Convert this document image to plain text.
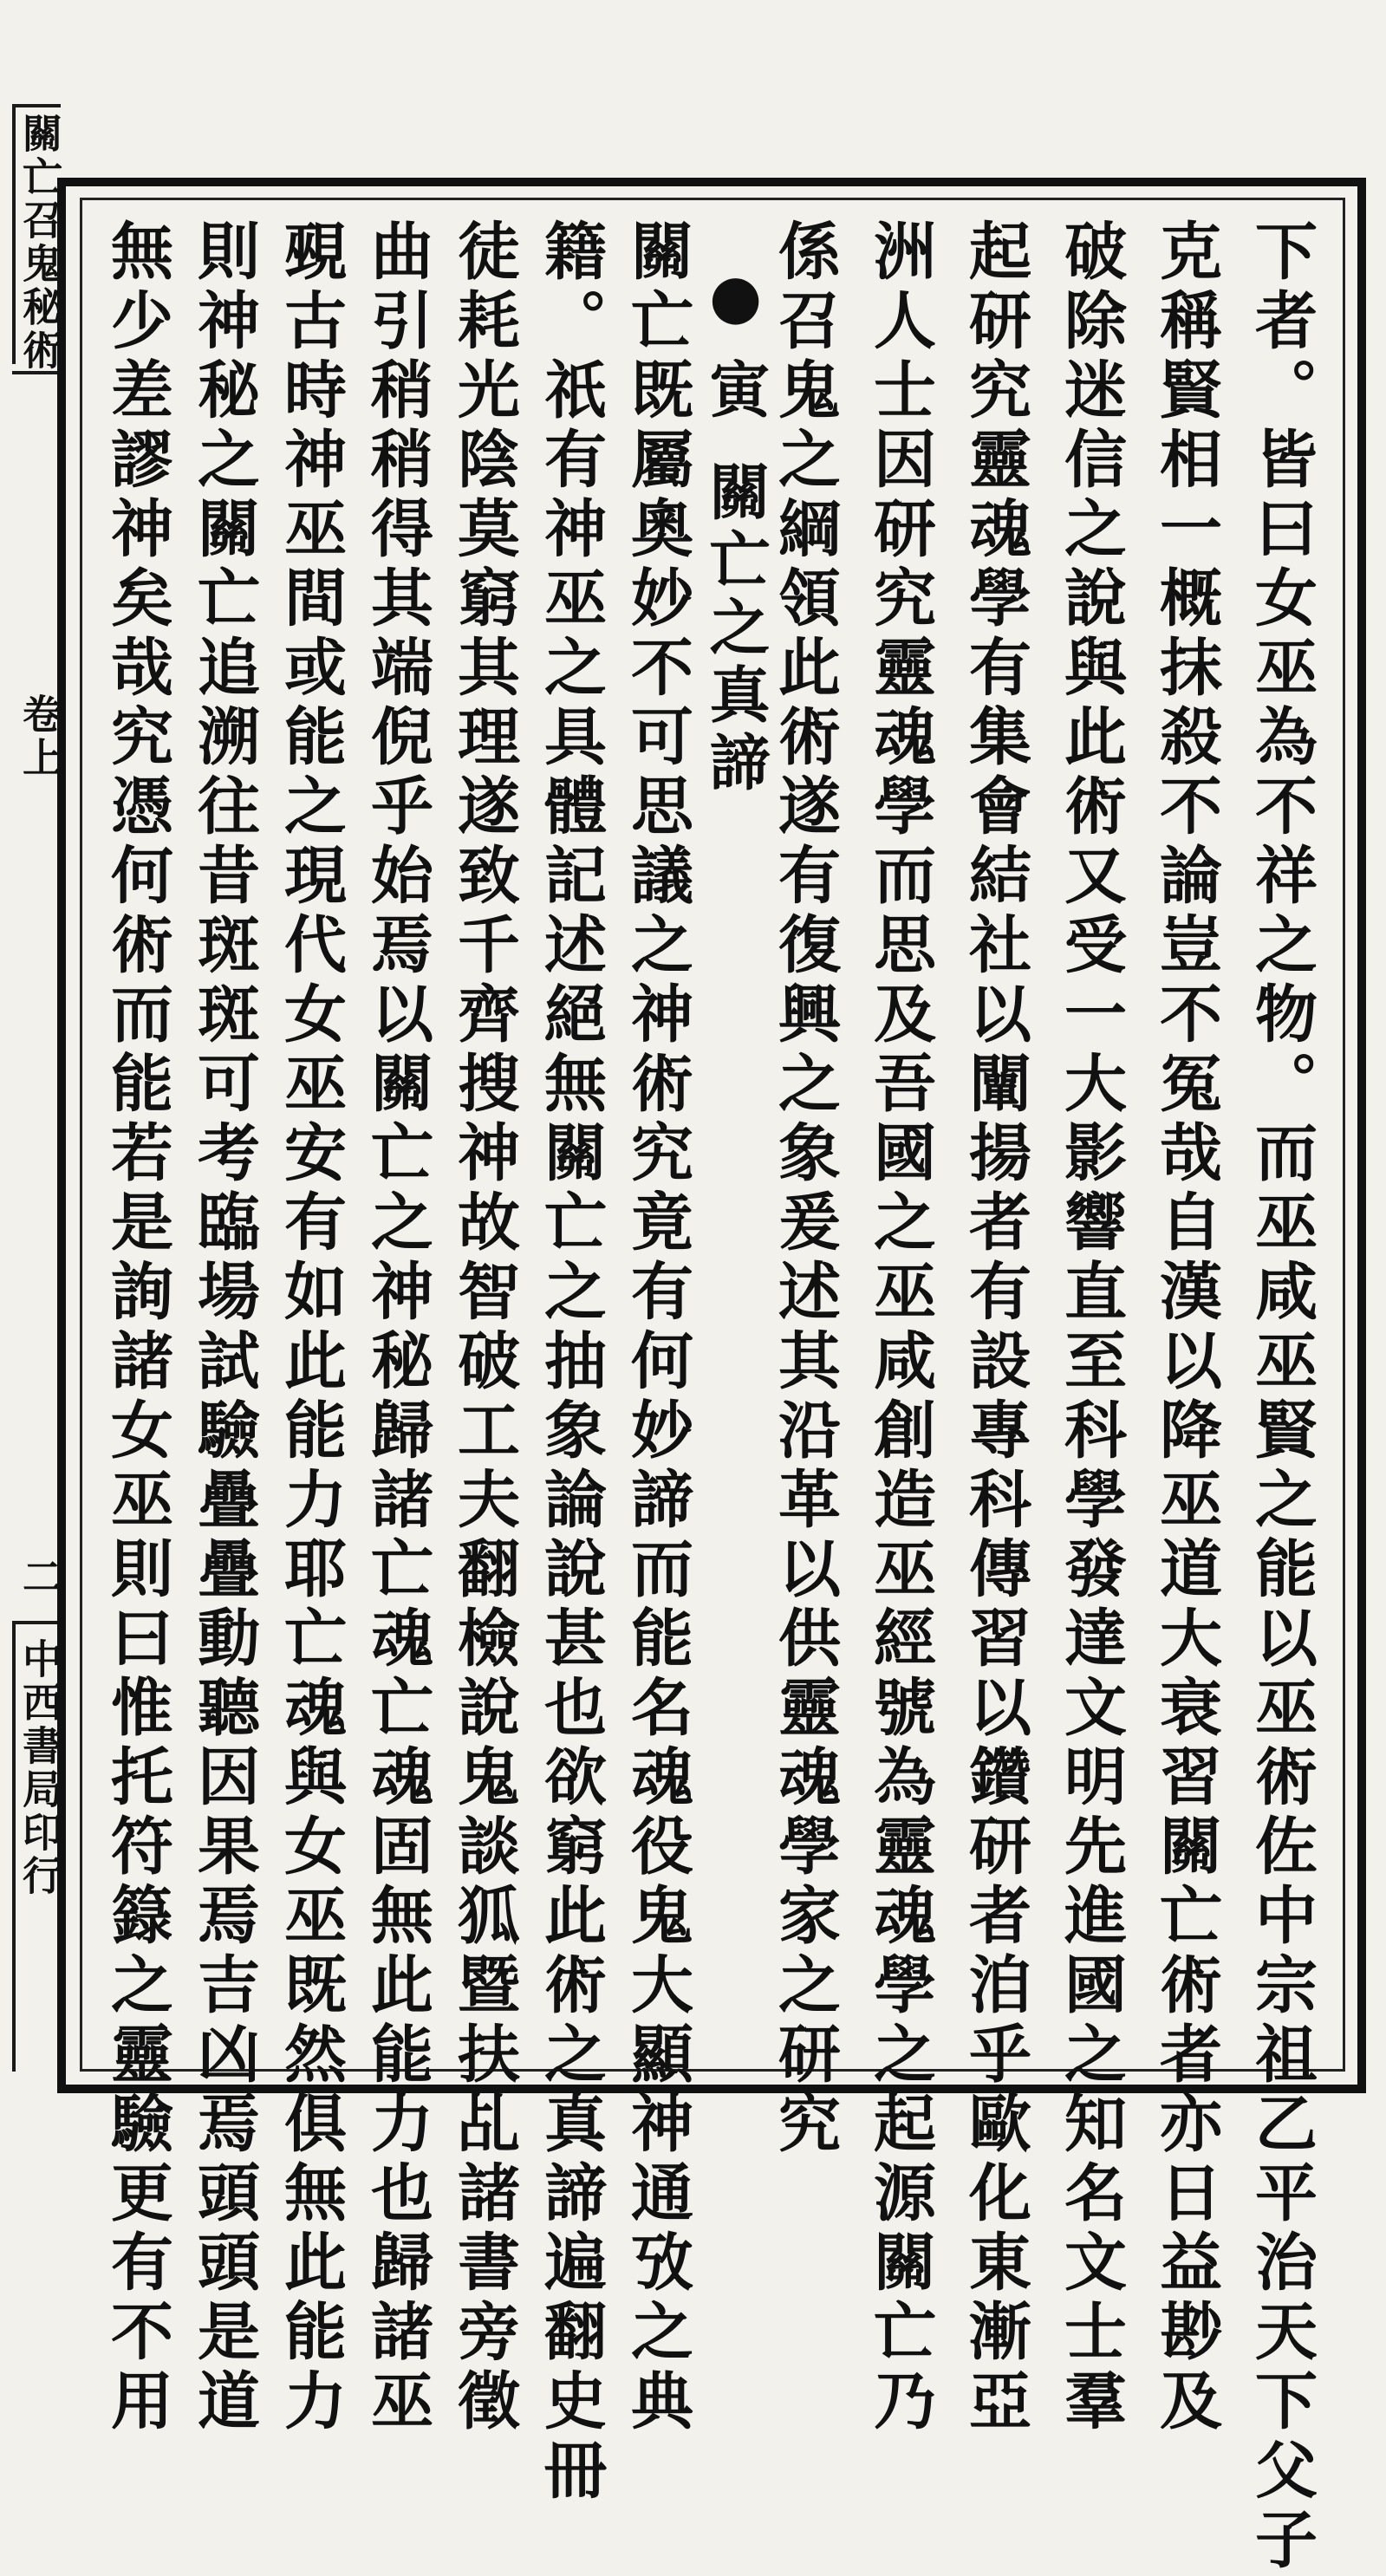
關亡召鬼秘術
卷上
二
中西書局印行	下者。皆曰女巫為不祥之物。而巫咸巫賢之能以巫術佐中宗祖乙平治天下父子
克稱賢相一概抹殺不論豈不冤哉自漢以降巫道大衰習關亡術者亦日益尠及
破除迷信之說與此術又受一大影響直至科學發達文明先進國之知名文士羣
起研究靈魂學有集會結社以闡揚者有設專科傳習以鑽研者洎乎歐化東漸亞
洲人士因研究靈魂學而思及吾國之巫咸創造巫經號為靈魂學之起源關亡乃
係召鬼之綱領此術遂有復興之象爰述其沿革以供靈魂學家之研究
●寅關亡之真諦
關亡既屬奧妙不可思議之神術究竟有何妙諦而能名魂役鬼大顯神通攷之典
籍。祇有神巫之具體記述絕無關亡之抽象論說甚也欲窮此術之真諦遍翻史冊
徒耗光陰莫窮其理遂致千齊搜神故智破工夫翻檢說鬼談狐暨扶乩諸書旁徵
曲引稍稍得其端倪乎始焉以關亡之神秘歸諸亡魂亡魂固無此能力也歸諸巫
覡古時神巫間或能之現代女巫安有如此能力耶亡魂與女巫既然俱無此能力
則神秘之關亡追溯往昔斑斑可考臨場試驗疊疊動聽因果焉吉凶焉頭頭是道
無少差謬神矣哉究憑何術而能若是詢諸女巫則曰惟托符籙之靈驗更有不用
